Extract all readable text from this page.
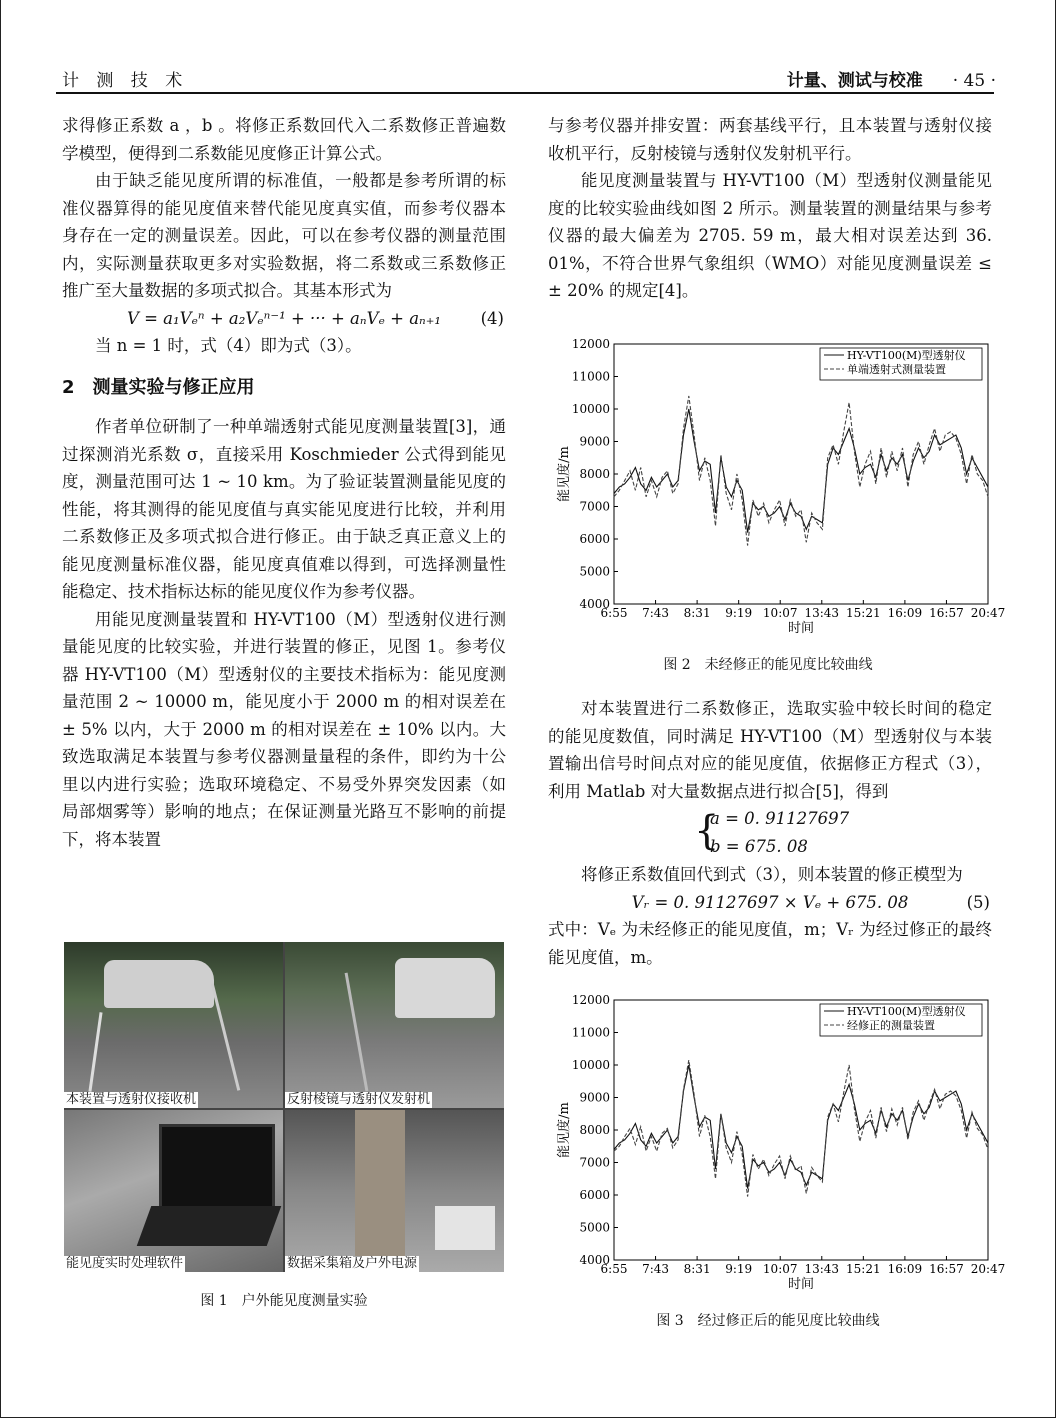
计 测 技 术	计量、测试与校准 · 45 ·

求得修正系数 a ，b 。将修正系数回代入二系数修正普遍数学模型，便得到二系数能见度修正计算公式。

由于缺乏能见度所谓的标准值，一般都是参考所谓的标准仪器算得的能见度值来替代能见度真实值，而参考仪器本身存在一定的测量误差。因此，可以在参考仪器的测量范围内，实际测量获取更多对实验数据，将二系数或三系数修正推广至大量数据的多项式拟合。其基本形式为

V = a₁Vₑⁿ + a₂Vₑⁿ⁻¹ + ··· + aₙVₑ + aₙ₊₁ (4)

当 n = 1 时，式（4）即为式（3）。

2　测量实验与修正应用

作者单位研制了一种单端透射式能见度测量装置[3]，通过探测消光系数 σ，直接采用 Koschmieder 公式得到能见度，测量范围可达 1 ~ 10 km。为了验证装置测量能见度的性能，将其测得的能见度值与真实能见度进行比较，并利用二系数修正及多项式拟合进行修正。由于缺乏真正意义上的能见度测量标准仪器，能见度真值难以得到，可选择测量性能稳定、技术指标达标的能见度仪作为参考仪器。

用能见度测量装置和 HY-VT100（M）型透射仪进行测量能见度的比较实验，并进行装置的修正，见图 1。参考仪器 HY-VT100（M）型透射仪的主要技术指标为：能见度测量范围 2 ~ 10000 m，能见度小于 2000 m 的相对误差在 ± 5% 以内，大于 2000 m 的相对误差在 ± 10% 以内。大致选取满足本装置与参考仪器测量量程的条件，即约为十公里以内进行实验；选取环境稳定、不易受外界突发因素（如局部烟雾等）影响的地点；在保证测量光路互不影响的前提下，将本装置

本装置与透射仪接收机	反射棱镜与透射仪发射机
能见度实时处理软件	数据采集箱及户外电源
图 1　户外能见度测量实验

与参考仪器并排安置：两套基线平行，且本装置与透射仪接收机平行，反射棱镜与透射仪发射机平行。

能见度测量装置与 HY-VT100（M）型透射仪测量能见度的比较实验曲线如图 2 所示。测量装置的测量结果与参考仪器的最大偏差为 2705. 59 m，最大相对误差达到 36. 01%，不符合世界气象组织（WMO）对能见度测量误差 ≤ ± 20% 的规定[4]。

4000
5000
6000
7000
8000
9000
10000
11000
12000
6:55 7:43 8:31 9:19 10:07 13:43 15:21 16:09 16:57 20:47
时间
能见度/m
HY-VT100(M)型透射仪
单端透射式测量装置
图 2　未经修正的能见度比较曲线

对本装置进行二系数修正，选取实验中较长时间的稳定的能见度数值，同时满足 HY-VT100（M）型透射仪与本装置输出信号时间点对应的能见度值，依据修正方程式（3），利用 Matlab 对大量数据点进行拟合[5]，得到

{
a = 0. 91127697
b = 675. 08

将修正系数值回代到式（3），则本装置的修正模型为

Vᵣ = 0. 91127697 × Vₑ + 675. 08	(5)

式中：Vₑ 为未经修正的能见度值，m；Vᵣ 为经过修正的最终能见度值，m。

4000
5000
6000
7000
8000
9000
10000
11000
12000
6:55 7:43 8:31 9:19 10:07 13:43 15:21 16:09 16:57 20:47
时间
能见度/m
HY-VT100(M)型透射仪
经修正的测量装置
图 3　经过修正后的能见度比较曲线
